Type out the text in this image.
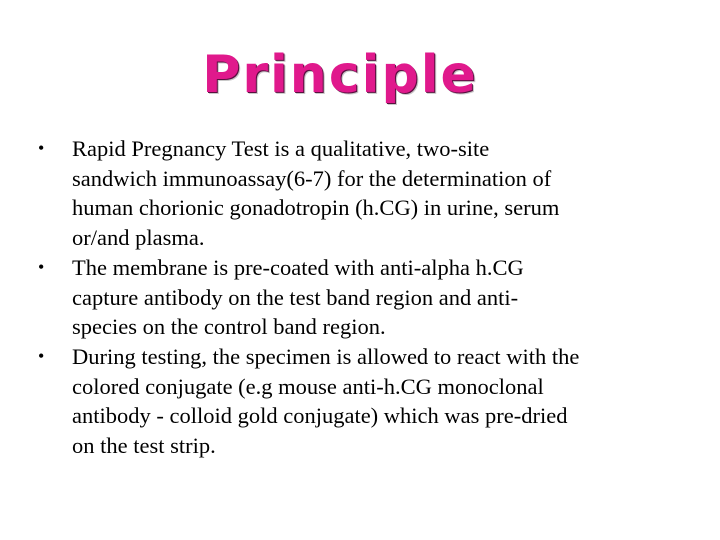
Principle
• Rapid Pregnancy Test is a qualitative, two-site
sandwich immunoassay(6-7) for the determination of
human chorionic gonadotropin (h.CG) in urine, serum
or/and plasma.
• The membrane is pre-coated with anti-alpha h.CG
capture antibody on the test band region and anti-
species on the control band region.
• During testing, the specimen is allowed to react with the
colored conjugate (e.g mouse anti-h.CG monoclonal
antibody - colloid gold conjugate) which was pre-dried
on the test strip.
